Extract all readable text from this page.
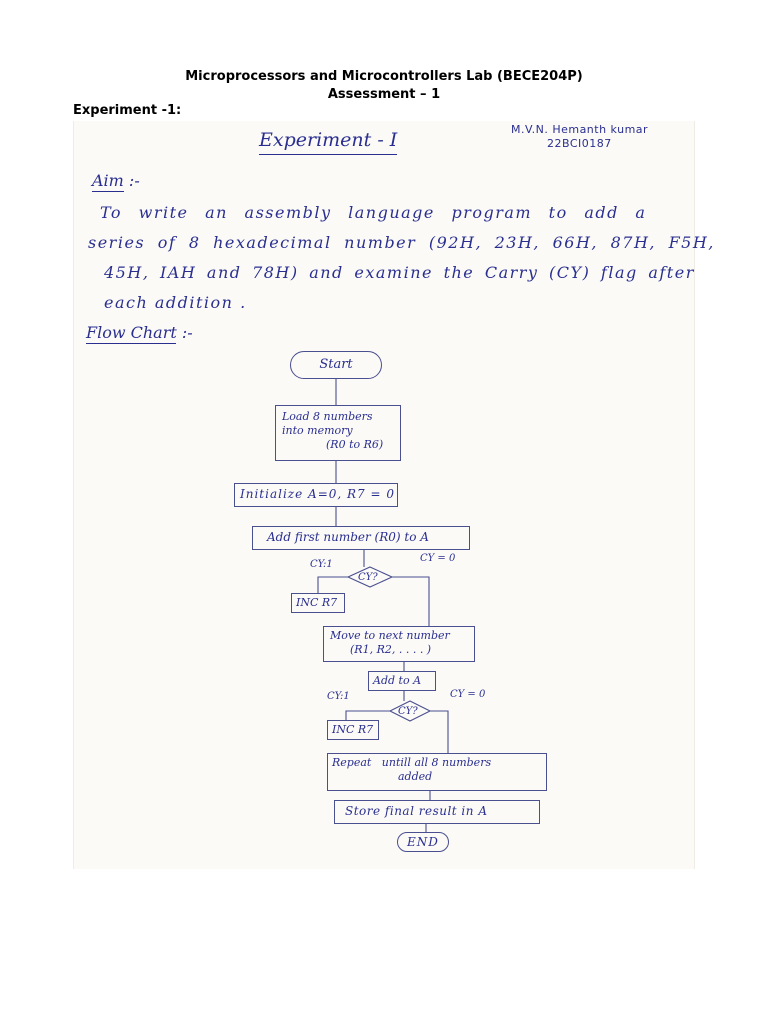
Microprocessors and Microcontrollers Lab (BECE204P)
Assessment – 1
Experiment -1:
Experiment - I	M.V.N. Hemanth kumar
22BCI0187
Aim :-
To write an assembly language program to add a
series of 8 hexadecimal number (92H, 23H, 66H, 87H, F5H,
45H, IAH and 78H) and examine the Carry (CY) flag after
each addition .
Flow Chart :-
Start
Load 8 numbers
into memory
(R0 to R6)
Initialize A=0, R7 = 0
Add first number (R0) to A
CY?
CY:1
CY = 0
INC R7
Move to next number
(R1, R2, . . . . )
Add to A
CY?
CY:1	CY = 0
INC R7
Repeat   untill all 8 numbers
added
Store final result in A
END
